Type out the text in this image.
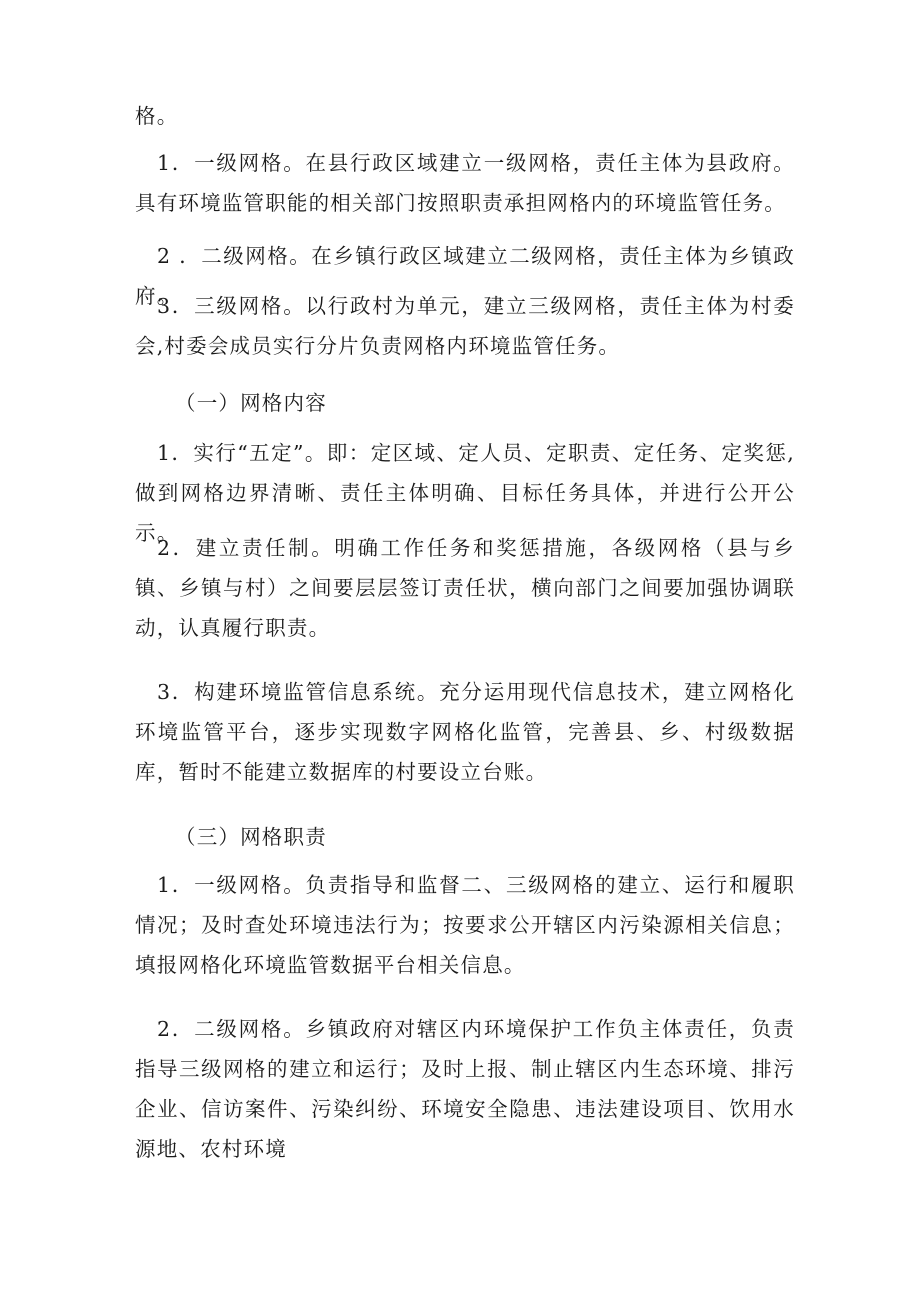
格。

1．一级网格。在县行政区域建立一级网格，责任主体为县政府。具有环境监管职能的相关部门按照职责承担网格内的环境监管任务。

2 ．二级网格。在乡镇行政区域建立二级网格，责任主体为乡镇政府。

3．三级网格。以行政村为单元，建立三级网格，责任主体为村委会,村委会成员实行分片负责网格内环境监管任务。

（一）网格内容

1．实行“五定”。即：定区域、定人员、定职责、定任务、定奖惩,做到网格边界清晰、责任主体明确、目标任务具体，并进行公开公示。

2．建立责任制。明确工作任务和奖惩措施，各级网格（县与乡镇、乡镇与村）之间要层层签订责任状，横向部门之间要加强协调联动，认真履行职责。

3．构建环境监管信息系统。充分运用现代信息技术，建立网格化环境监管平台，逐步实现数字网格化监管，完善县、乡、村级数据库，暂时不能建立数据库的村要设立台账。

（三）网格职责

1．一级网格。负责指导和监督二、三级网格的建立、运行和履职情况；及时查处环境违法行为；按要求公开辖区内污染源相关信息；填报网格化环境监管数据平台相关信息。

2．二级网格。乡镇政府对辖区内环境保护工作负主体责任，负责指导三级网格的建立和运行；及时上报、制止辖区内生态环境、排污企业、信访案件、污染纠纷、环境安全隐患、违法建设项目、饮用水源地、农村环境
